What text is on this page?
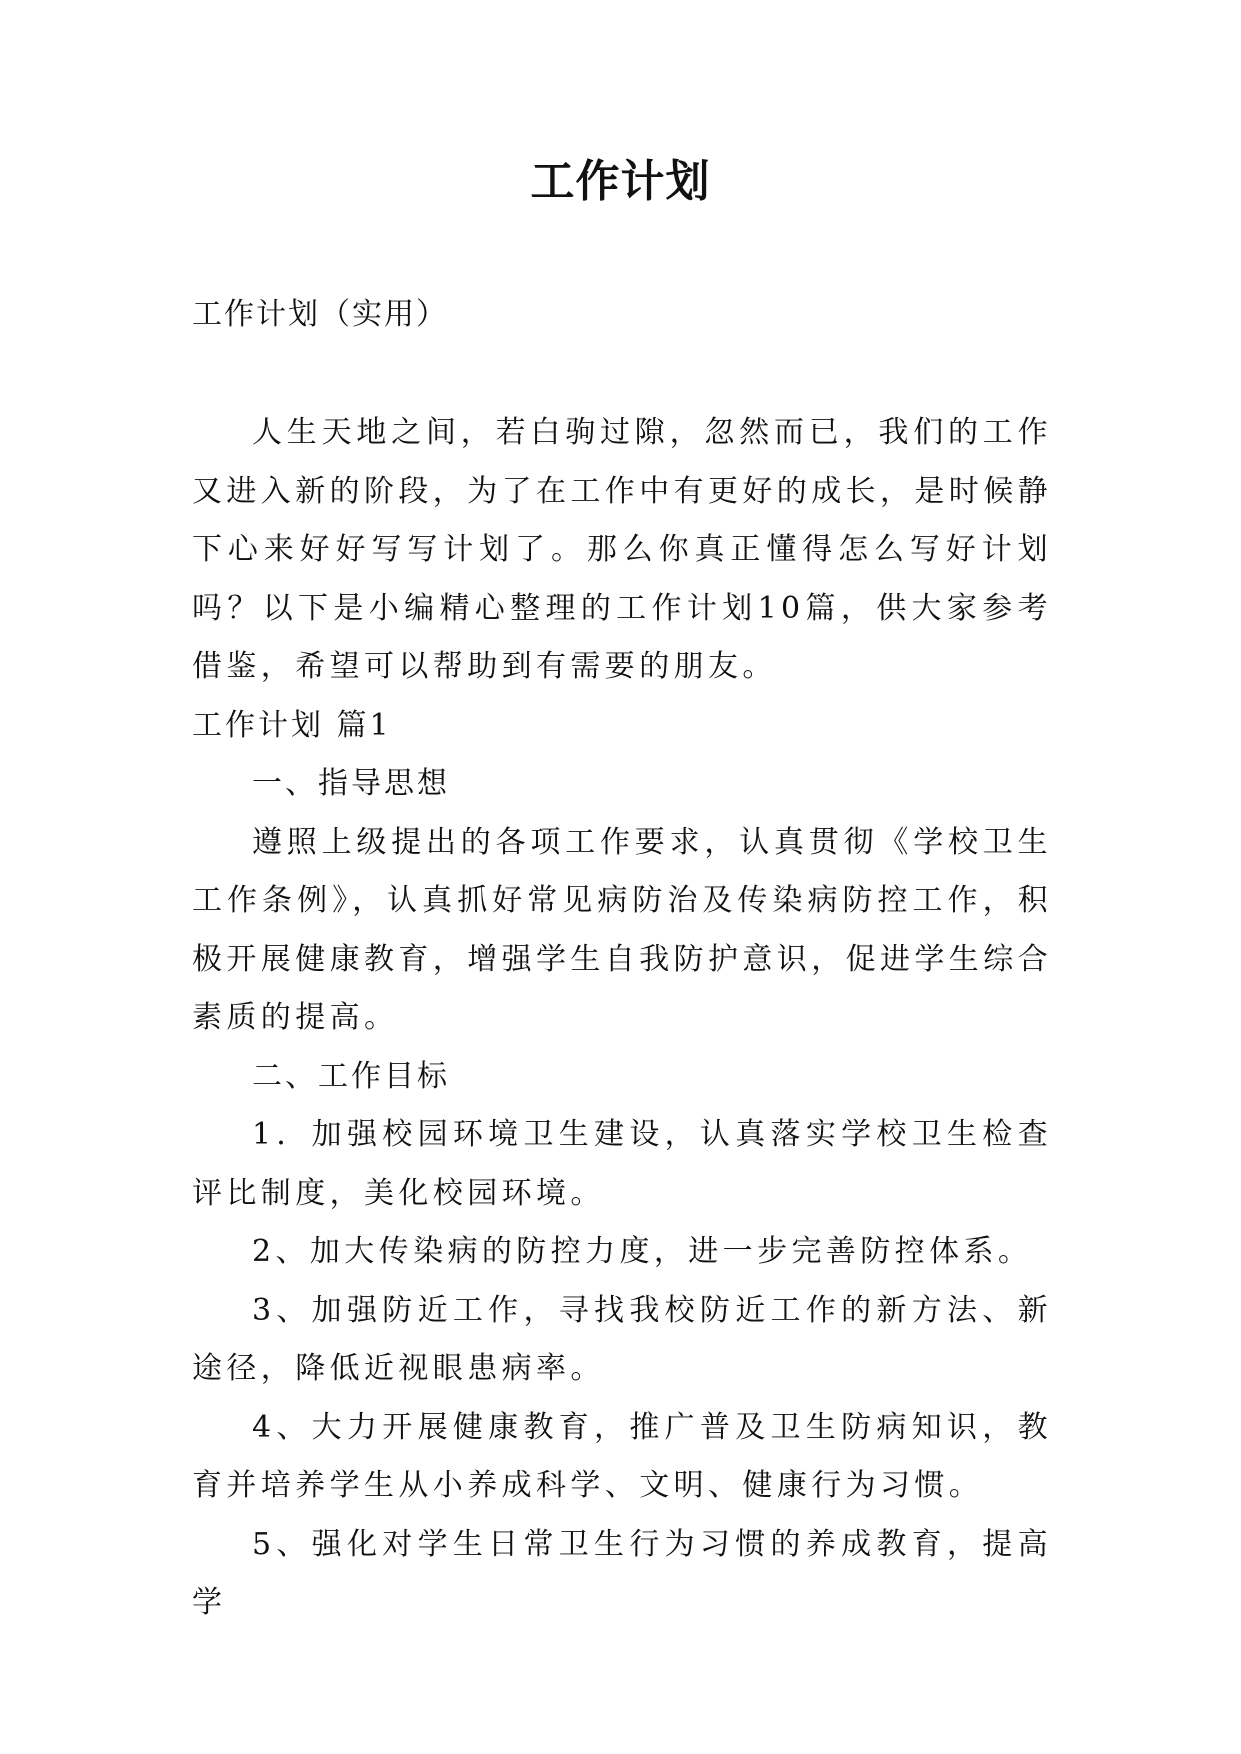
工作计划

工作计划（实用）

人生天地之间，若白驹过隙，忽然而已，我们的工作又进入新的阶段，为了在工作中有更好的成长，是时候静下心来好好写写计划了。那么你真正懂得怎么写好计划吗？以下是小编精心整理的工作计划10篇，供大家参考借鉴，希望可以帮助到有需要的朋友。

工作计划 篇1

一、指导思想

遵照上级提出的各项工作要求，认真贯彻《学校卫生工作条例》，认真抓好常见病防治及传染病防控工作，积极开展健康教育，增强学生自我防护意识，促进学生综合素质的提高。

二、工作目标

1．加强校园环境卫生建设，认真落实学校卫生检查评比制度，美化校园环境。

2、加大传染病的防控力度，进一步完善防控体系。

3、加强防近工作，寻找我校防近工作的新方法、新途径，降低近视眼患病率。

4、大力开展健康教育，推广普及卫生防病知识，教育并培养学生从小养成科学、文明、健康行为习惯。

5、强化对学生日常卫生行为习惯的养成教育，提高学
